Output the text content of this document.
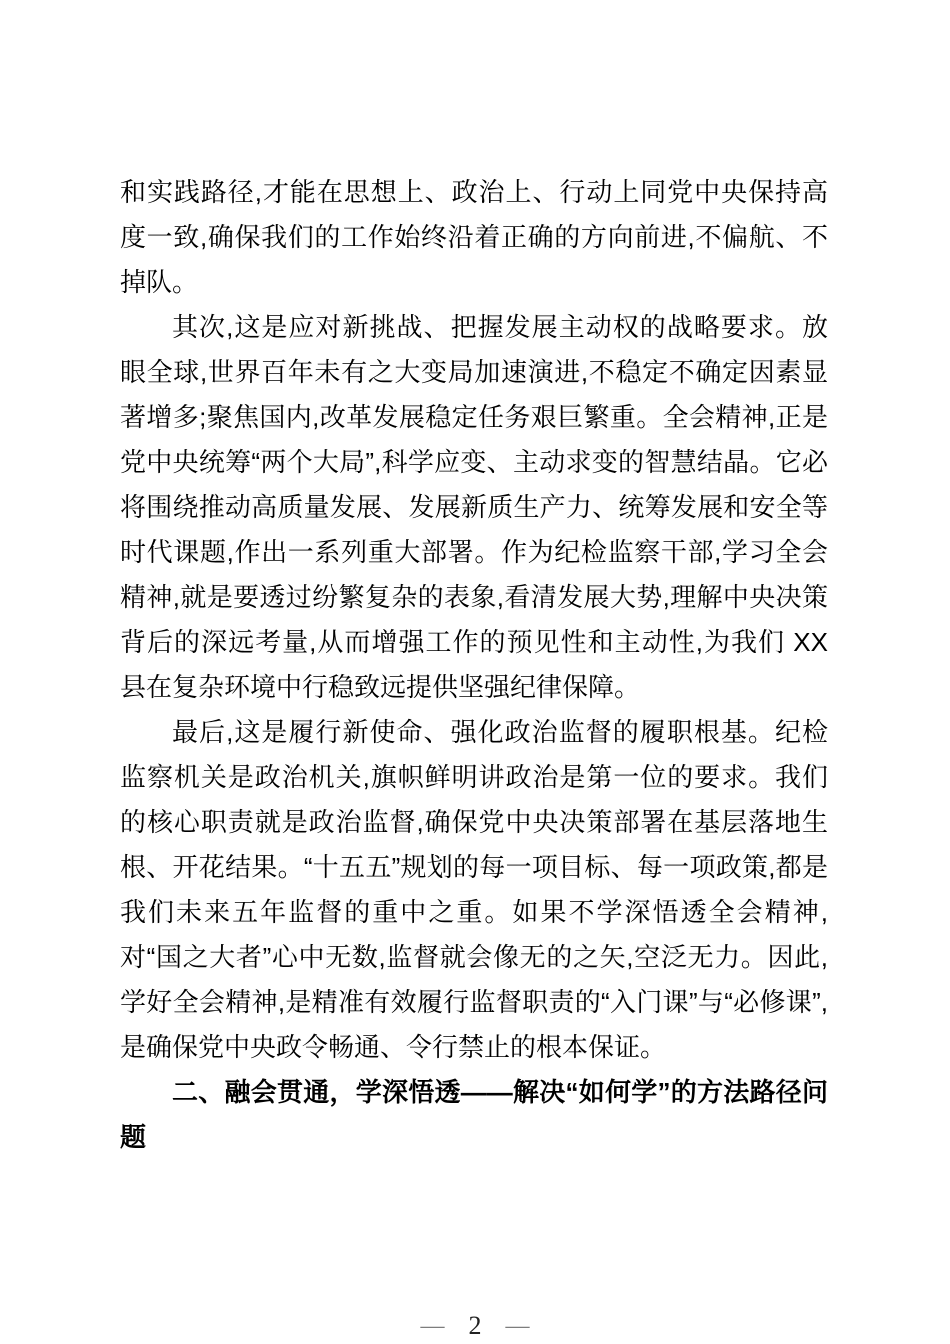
和实践路径,才能在思想上、政治上、行动上同党中央保持高度一致,确保我们的工作始终沿着正确的方向前进,不偏航、不掉队。

其次,这是应对新挑战、把握发展主动权的战略要求。放眼全球,世界百年未有之大变局加速演进,不稳定不确定因素显著增多;聚焦国内,改革发展稳定任务艰巨繁重。全会精神,正是党中央统筹“两个大局”,科学应变、主动求变的智慧结晶。它必将围绕推动高质量发展、发展新质生产力、统筹发展和安全等时代课题,作出一系列重大部署。作为纪检监察干部,学习全会精神,就是要透过纷繁复杂的表象,看清发展大势,理解中央决策背后的深远考量,从而增强工作的预见性和主动性,为我们 XX 县在复杂环境中行稳致远提供坚强纪律保障。

最后,这是履行新使命、强化政治监督的履职根基。纪检监察机关是政治机关,旗帜鲜明讲政治是第一位的要求。我们的核心职责就是政治监督,确保党中央决策部署在基层落地生根、开花结果。“十五五”规划的每一项目标、每一项政策,都是我们未来五年监督的重中之重。如果不学深悟透全会精神,对“国之大者”心中无数,监督就会像无的之矢,空泛无力。因此,学好全会精神,是精准有效履行监督职责的“入门课”与“必修课”,是确保党中央政令畅通、令行禁止的根本保证。

二、融会贯通，学深悟透——解决“如何学”的方法路径问题

— 2 —
